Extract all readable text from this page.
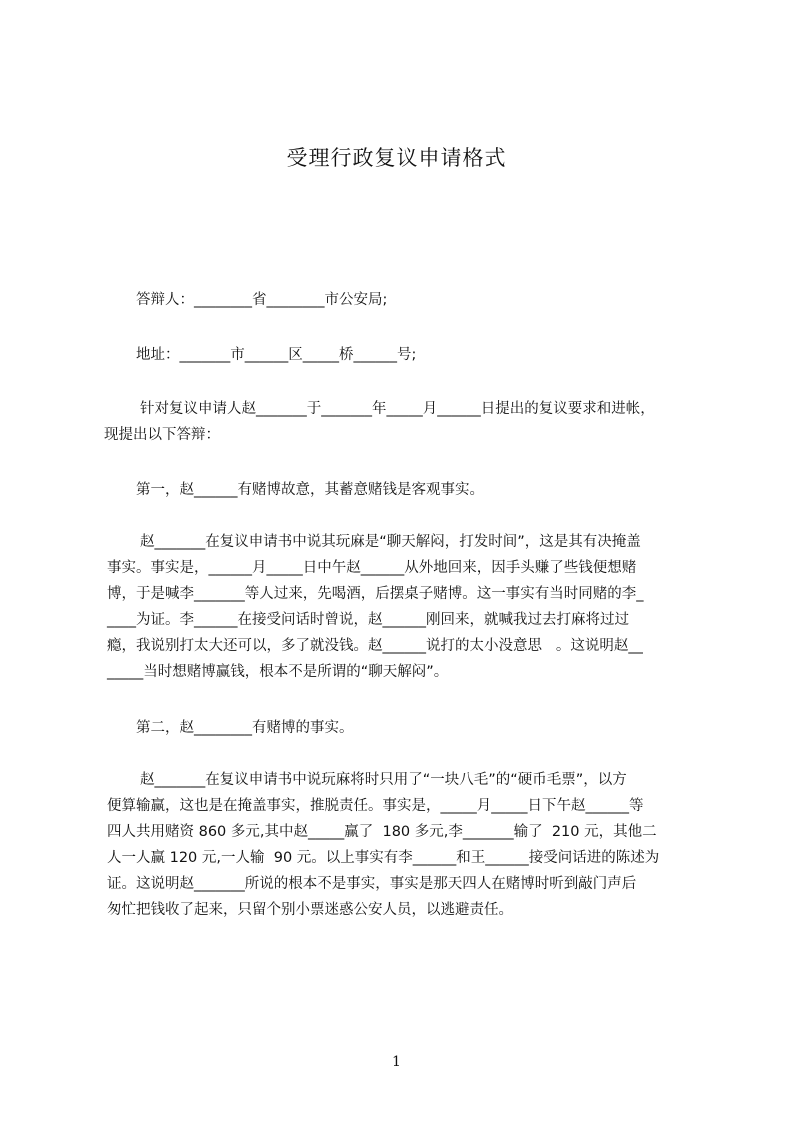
受理行政复议申请格式
答辩人：________省________市公安局;
地址：_______市______区_____桥______号;
针对复议申请人赵_______于_______年_____月______日提出的复议要求和进帐，
现提出以下答辩：
第一，赵______有赌博故意，其蓄意赌钱是客观事实。
赵_______在复议申请书中说其玩麻是“聊天解闷，打发时间”，这是其有决掩盖
事实。事实是，______月_____日中午赵______从外地回来，因手头赚了些钱便想赌
博，于是喊李_______等人过来，先喝酒，后摆桌子赌博。这一事实有当时同赌的李_
____为证。李______在接受问话时曾说，赵______刚回来，就喊我过去打麻将过过
瘾，我说别打太大还可以，多了就没钱。赵______说打的太小没意思   。这说明赵__
_____当时想赌博赢钱，根本不是所谓的“聊天解闷”。
第二，赵________有赌博的事实。
赵_______在复议申请书中说玩麻将时只用了“一块八毛”的“硬币毛票”，以方
便算输赢，这也是在掩盖事实，推脱责任。事实是，_____月_____日下午赵______等
四人共用赌资 860 多元,其中赵_____赢了  180 多元,李_______输了  210 元，其他二
人一人赢 120 元,一人输  90 元。以上事实有李______和王______接受问话进的陈述为
证。这说明赵_______所说的根本不是事实，事实是那天四人在赌博时听到敲门声后
匆忙把钱收了起来，只留个别小票迷惑公安人员，以逃避责任。
1
